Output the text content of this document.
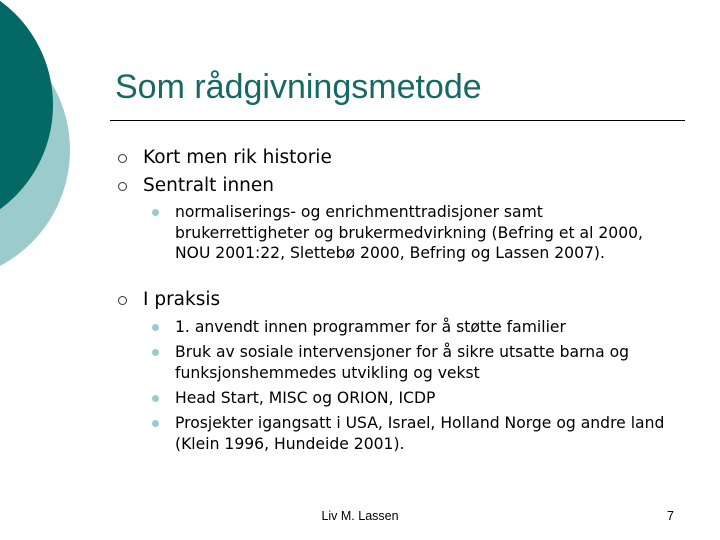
Som rådgivningsmetode
Kort men rik historie
Sentralt innen
normaliserings- og enrichmenttradisjoner samt brukerrettigheter og brukermedvirkning (Befring et al 2000, NOU 2001:22, Slettebø 2000, Befring og Lassen 2007).
I praksis
1. anvendt innen programmer for å støtte familier
Bruk av sosiale intervensjoner for å sikre utsatte barna og funksjonshemmedes utvikling og vekst
Head Start, MISC og ORION, ICDP
Prosjekter igangsatt i USA, Israel, Holland Norge og andre land (Klein 1996, Hundeide 2001).
Liv M. Lassen	7
